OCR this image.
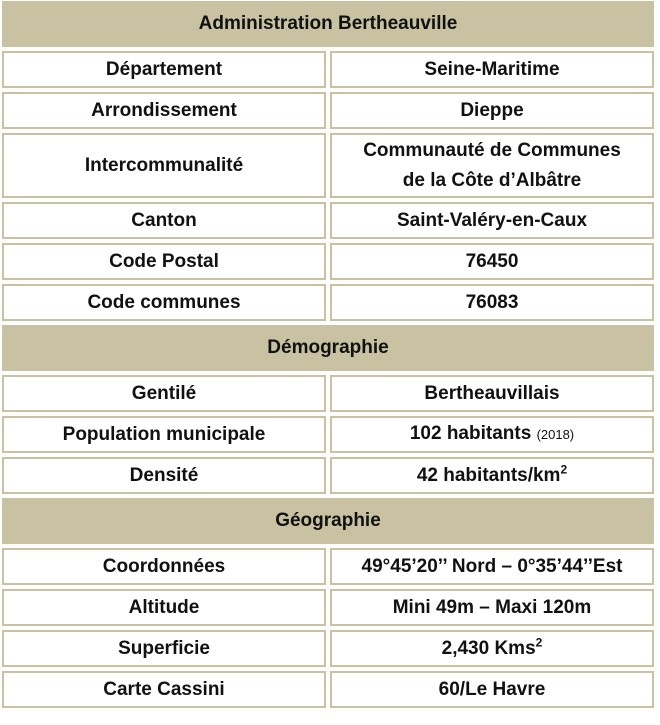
Administration Bertheauville	
Département	Seine-Maritime
Arrondissement	Dieppe
Intercommunalité	Communauté de Communes
de la Côte d’Albâtre

Canton	Saint-Valéry-en-Caux
Code Postal	76450
Code communes	76083
Démographie	
Gentilé	Bertheauvillais
Population municipale	102 habitants (2018)
Densité	42 habitants/$km^2$
Géographie	
Coordonnées	49°45’20’’ Nord – 0°35’44’’Est
Altitude	Mini 49m – Maxi 120m
Superficie	2,430 Kms$^2$
Carte Cassini	60/Le Havre
